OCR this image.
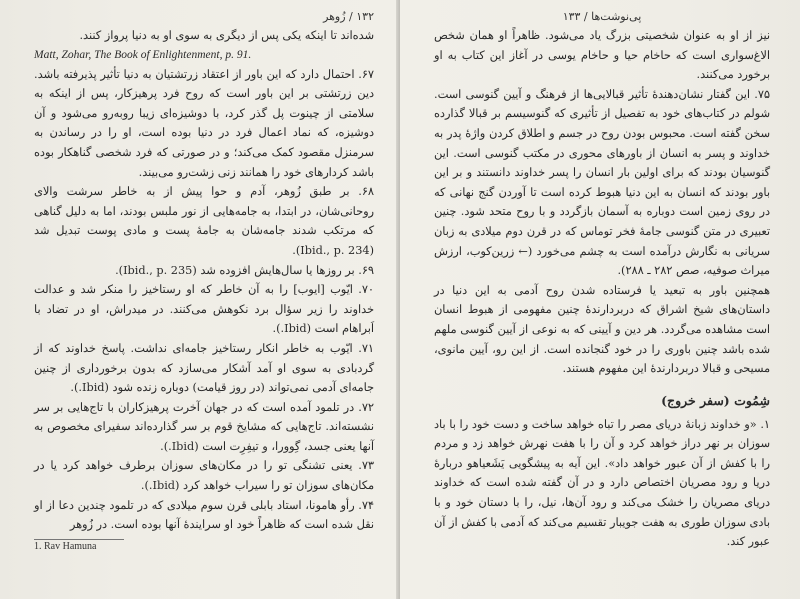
۱۳۲ / زُوهر

شده‌اند تا اینکه یکی پس از دیگری به سوی او به دنیا پرواز کنند.

Matt, Zohar, The Book of Enlightenment, p. 91.

۶۷. احتمال دارد که این باور از اعتقاد زرتشتیان به دنیا تأثیر پذیرفته باشد. دین زرتشتی بر این باور است که روح فرد پرهیزکار، پس از اینکه به سلامتی از چینوت پل گذر کرد، با دوشیزه‌ای زیبا روبه‌رو می‌شود و آن دوشیزه، که نماد اعمال فرد در دنیا بوده است، او را در رساندن به سرمنزل مقصود کمک می‌کند؛ و در صورتی که فرد شخصی گناهکار بوده باشد کردارهای خود را همانند زنی زشت‌رو می‌بیند.

۶۸. بر طبق زُوهر، آدم و حوا پیش از به خاطر سرشت والای روحانی‌شان، در ابتدا، به جامه‌هایی از نور ملبس بودند، اما به دلیل گناهی که مرتکب شدند جامه‌شان به جامهٔ پست و مادی پوست تبدیل شد (Ibid., p. 234).

۶۹. بر روزها یا سال‌هایش افزوده شد (Ibid., p. 235).

۷۰. ایّوب [ایوب] را به آن خاطر که او رستاخیز را منکر شد و عدالت خداوند را زیر سؤال برد نکوهش می‌کنند. در میدراش، او در تضاد با اَبراهام است (Ibid.).

۷۱. ایّوب به خاطر انکار رستاخیز جامه‌ای نداشت. پاسخ خداوند که از گردبادی به سوی او آمد آشکار می‌سازد که بدون برخورداری از چنین جامه‌ای آدمی نمی‌تواند (در روز قیامت) دوباره زنده شود (Ibid.).

۷۲. در تلمود آمده است که در جهان آخرت پرهیزکاران با تاج‌هایی بر سر نشسته‌اند. تاج‌هایی که مشایخ قوم بر سر گذارده‌اند سفیرای مخصوص به آنها یعنی جسد، گِوورا، و تیفِرِت است (Ibid.).

۷۳. یعنی تشنگی تو را در مکان‌های سوزان برطرف خواهد کرد یا در مکان‌های سوزان تو را سیراب خواهد کرد (Ibid.).

۷۴. رأو هامونا، استاد بابلی قرن سوم میلادی که در تلمود چندین دعا از او نقل شده است که ظاهراً خود او سرایندهٔ آنها بوده است. در زُوهر

1. Rav Hamuna
پی‌نوشت‌ها / ۱۳۳

نیز از او به عنوان شخصیتی بزرگ یاد می‌شود. ظاهراً او همان شخص الاغ‌سواری است که حاخام حیا و حاخام یوسی در آغاز این کتاب به او برخورد می‌کنند.

۷۵. این گفتار نشان‌دهندهٔ تأثیر قبالایی‌ها از فرهنگ و آیین گنوسی است. شولم در کتاب‌های خود به تفصیل از تأثیری که گنوسیسم بر قبالا گذارده سخن گفته است. محبوس بودن روح در جسم و اطلاق کردن واژهٔ پدر به خداوند و پسر به انسان از باورهای محوری در مکتب گنوسی است. این گنوسیان بودند که برای اولین بار انسان را پسر خداوند دانستند و بر این باور بودند که انسان به این دنیا هبوط کرده است تا آوردن گنج نهانی که در روی زمین است دوباره به آسمان بازگردد و با روح متحد شود. چنین تعبیری در متن گنوسی جامهٔ فخر توماس که در قرن دوم میلادی به زبان سریانی به نگارش درآمده است به چشم می‌خورد (← زرین‌کوب، ارزش میراث صوفیه، صص ۲۸۲ ـ ۲۸۸).

همچنین باور به تبعید یا فرستاده شدن روح آدمی به این دنیا در داستان‌های شیخ اشراق که دربردارندهٔ چنین مفهومی از هبوط انسان است مشاهده می‌گردد. هر دین و آیینی که به نوعی از آیین گنوسی ملهم شده باشد چنین باوری را در خود گنجانده است. از این رو، آیین مانوی، مسیحی و قبالا دربردارندهٔ این مفهوم هستند.

شِمُوت (سفر خروج)

۱. «و خداوند زبانهٔ دریای مصر را تباه خواهد ساخت و دست خود را با باد سوزان بر نهر دراز خواهد کرد و آن را با هفت نهرش خواهد زد و مردم را با کفش از آن عبور خواهد داد». این آیه به پیشگویی یَشَعیاهو دربارهٔ دریا و رود مصریان اختصاص دارد و در آن گفته شده است که خداوند دریای مصریان را خشک می‌کند و رود آن‌ها، نیل، را با دستان خود و با بادی سوزان طوری به هفت جویبار تقسیم می‌کند که آدمی با کفش از آن عبور کند.
